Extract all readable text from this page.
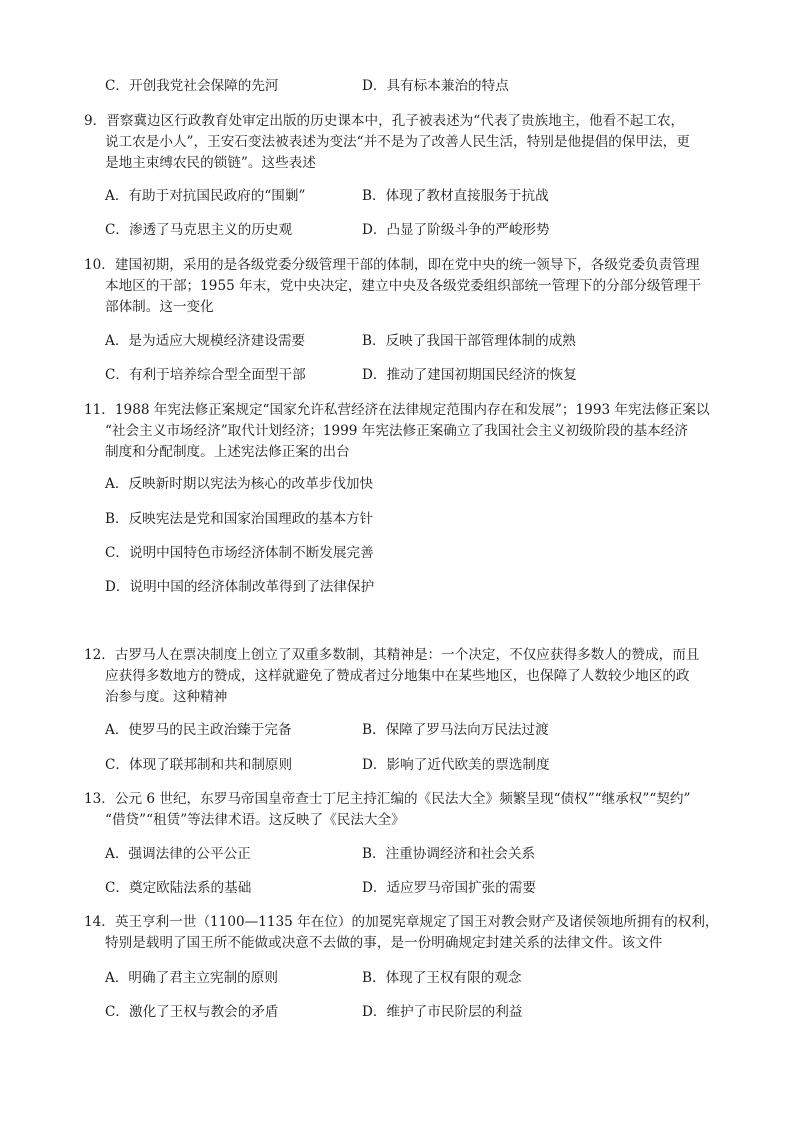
C．开创我党社会保障的先河	D．具有标本兼治的特点
9．晋察冀边区行政教育处审定出版的历史课本中，孔子被表述为“代表了贵族地主，他看不起工农，
说工农是小人”，王安石变法被表述为变法“并不是为了改善人民生活，特别是他提倡的保甲法，更
是地主束缚农民的锁链”。这些表述
A．有助于对抗国民政府的“围剿”	B．体现了教材直接服务于抗战
C．渗透了马克思主义的历史观	D．凸显了阶级斗争的严峻形势
10．建国初期，采用的是各级党委分级管理干部的体制，即在党中央的统一领导下，各级党委负责管理
本地区的干部；1955 年末，党中央决定，建立中央及各级党委组织部统一管理下的分部分级管理干
部体制。这一变化
A．是为适应大规模经济建设需要	B．反映了我国干部管理体制的成熟
C．有利于培养综合型全面型干部	D．推动了建国初期国民经济的恢复
11．1988 年宪法修正案规定“国家允许私营经济在法律规定范围内存在和发展”；1993 年宪法修正案以
“社会主义市场经济”取代计划经济；1999 年宪法修正案确立了我国社会主义初级阶段的基本经济
制度和分配制度。上述宪法修正案的出台
A．反映新时期以宪法为核心的改革步伐加快
B．反映宪法是党和国家治国理政的基本方针
C．说明中国特色市场经济体制不断发展完善
D．说明中国的经济体制改革得到了法律保护
12．古罗马人在票决制度上创立了双重多数制，其精神是：一个决定，不仅应获得多数人的赞成，而且
应获得多数地方的赞成，这样就避免了赞成者过分地集中在某些地区，也保障了人数较少地区的政
治参与度。这种精神
A．使罗马的民主政治臻于完备	B．保障了罗马法向万民法过渡
C．体现了联邦制和共和制原则	D．影响了近代欧美的票选制度
13．公元 6 世纪，东罗马帝国皇帝查士丁尼主持汇编的《民法大全》频繁呈现“债权”“继承权”“契约”
“借贷”“租赁”等法律术语。这反映了《民法大全》
A．强调法律的公平公正	B．注重协调经济和社会关系
C．奠定欧陆法系的基础	D．适应罗马帝国扩张的需要
14．英王亨利一世（1100—1135 年在位）的加冕宪章规定了国王对教会财产及诸侯领地所拥有的权利，
特别是载明了国王所不能做或决意不去做的事，是一份明确规定封建关系的法律文件。该文件
A．明确了君主立宪制的原则	B．体现了王权有限的观念
C．激化了王权与教会的矛盾	D．维护了市民阶层的利益
